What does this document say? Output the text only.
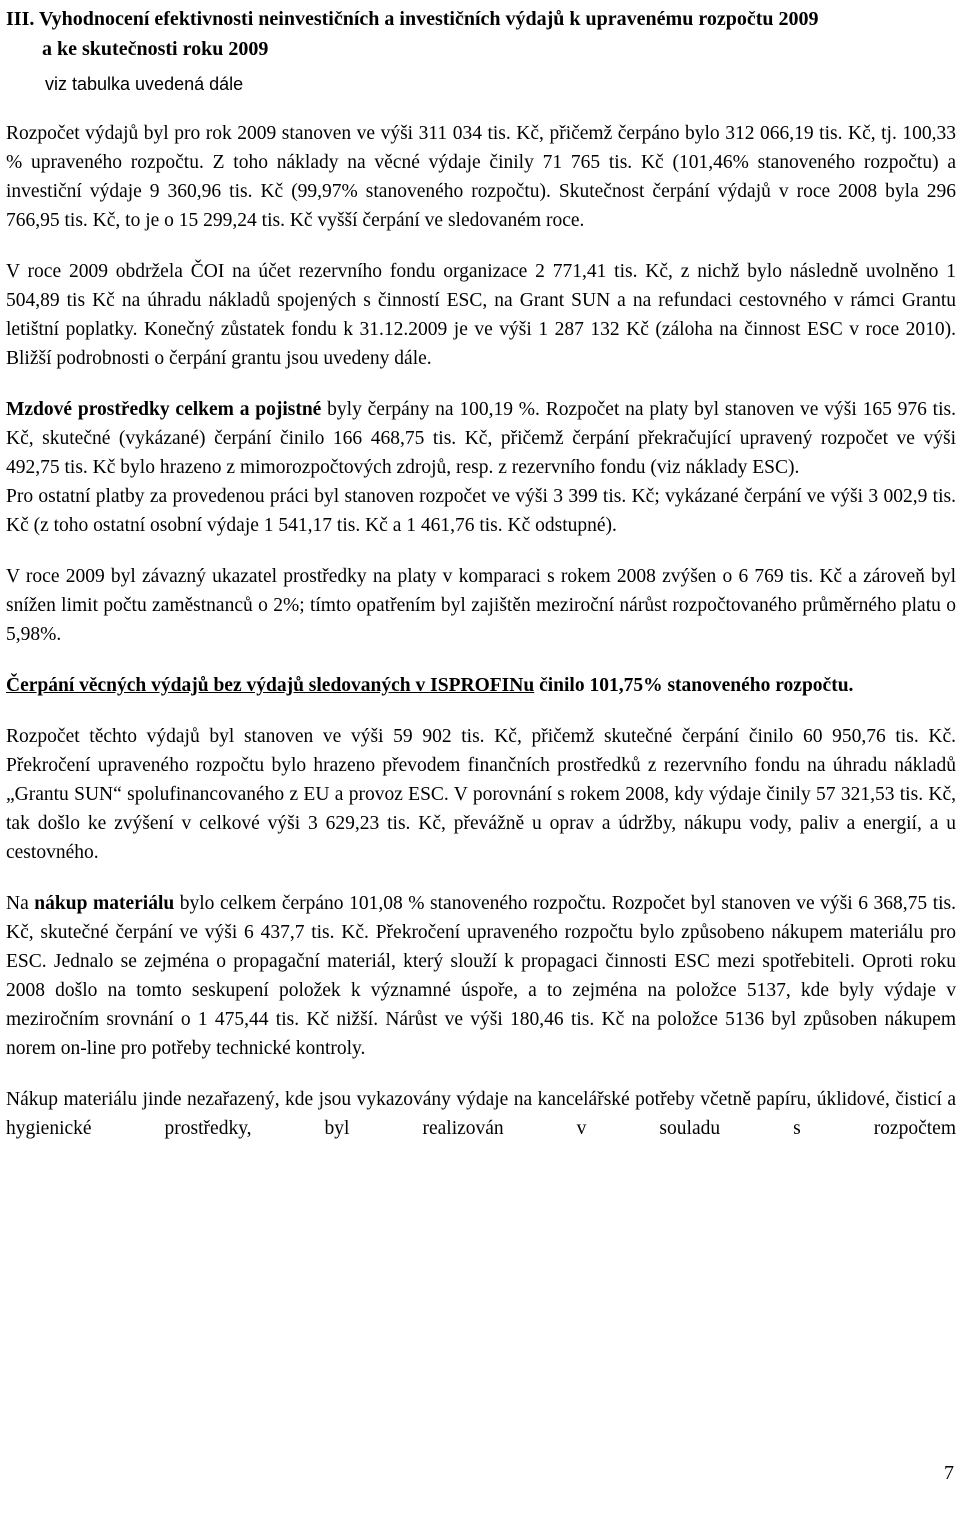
III. Vyhodnocení efektivnosti neinvestičních a investičních výdajů k upravenému rozpočtu 2009
a ke skutečnosti roku 2009
viz tabulka uvedená dále

Rozpočet výdajů byl pro rok 2009 stanoven ve výši 311 034 tis. Kč, přičemž čerpáno bylo 312 066,19 tis. Kč, tj. 100,33 % upraveného rozpočtu. Z toho náklady na věcné výdaje činily 71 765 tis. Kč (101,46% stanoveného rozpočtu) a investiční výdaje 9 360,96 tis. Kč (99,97% stanoveného rozpočtu). Skutečnost čerpání výdajů v roce 2008 byla 296 766,95 tis. Kč, to je o 15 299,24 tis. Kč vyšší čerpání ve sledovaném roce.

V roce 2009 obdržela ČOI na účet rezervního fondu organizace 2 771,41 tis. Kč, z nichž bylo následně uvolněno 1 504,89 tis Kč na úhradu nákladů spojených s činností ESC, na Grant SUN a na refundaci cestovného v rámci Grantu letištní poplatky. Konečný zůstatek fondu k 31.12.2009 je ve výši 1 287 132 Kč (záloha na činnost ESC v roce 2010). Bližší podrobnosti o čerpání grantu jsou uvedeny dále.

Mzdové prostředky celkem a pojistné byly čerpány na 100,19 %. Rozpočet na platy byl stanoven ve výši 165 976 tis. Kč, skutečné (vykázané) čerpání činilo 166 468,75 tis. Kč, přičemž čerpání překračující upravený rozpočet ve výši 492,75 tis. Kč bylo hrazeno z mimorozpočtových zdrojů, resp. z rezervního fondu (viz náklady ESC).

Pro ostatní platby za provedenou práci byl stanoven rozpočet ve výši 3 399 tis. Kč; vykázané čerpání ve výši 3 002,9 tis. Kč (z toho ostatní osobní výdaje 1 541,17 tis. Kč a 1 461,76 tis. Kč odstupné).

V roce 2009 byl závazný ukazatel prostředky na platy v komparaci s rokem 2008 zvýšen o 6 769 tis. Kč a zároveň byl snížen limit počtu zaměstnanců o 2%; tímto opatřením byl zajištěn meziroční nárůst rozpočtovaného průměrného platu o 5,98%.

Čerpání věcných výdajů bez výdajů sledovaných v ISPROFINu činilo 101,75% stanoveného rozpočtu.

Rozpočet těchto výdajů byl stanoven ve výši 59 902 tis. Kč, přičemž skutečné čerpání činilo 60 950,76 tis. Kč. Překročení upraveného rozpočtu bylo hrazeno převodem finančních prostředků z rezervního fondu na úhradu nákladů „Grantu SUN“ spolufinancovaného z EU a provoz ESC. V porovnání s rokem 2008, kdy výdaje činily 57 321,53 tis. Kč, tak došlo ke zvýšení v celkové výši 3 629,23 tis. Kč, převážně u oprav a údržby, nákupu vody, paliv a energií, a u cestovného.

Na nákup materiálu bylo celkem čerpáno 101,08 % stanoveného rozpočtu. Rozpočet byl stanoven ve výši 6 368,75 tis. Kč, skutečné čerpání ve výši 6 437,7 tis. Kč. Překročení upraveného rozpočtu bylo způsobeno nákupem materiálu pro ESC. Jednalo se zejména o propagační materiál, který slouží k propagaci činnosti ESC mezi spotřebiteli. Oproti roku 2008 došlo na tomto seskupení položek k významné úspoře, a to zejména na položce 5137, kde byly výdaje v meziročním srovnání o 1 475,44 tis. Kč nižší. Nárůst ve výši 180,46 tis. Kč na položce 5136 byl způsoben nákupem norem on-line pro potřeby technické kontroly.

Nákup materiálu jinde nezařazený, kde jsou vykazovány výdaje na kancelářské potřeby včetně papíru, úklidové, čisticí a hygienické prostředky, byl realizován v souladu s rozpočtem

7
